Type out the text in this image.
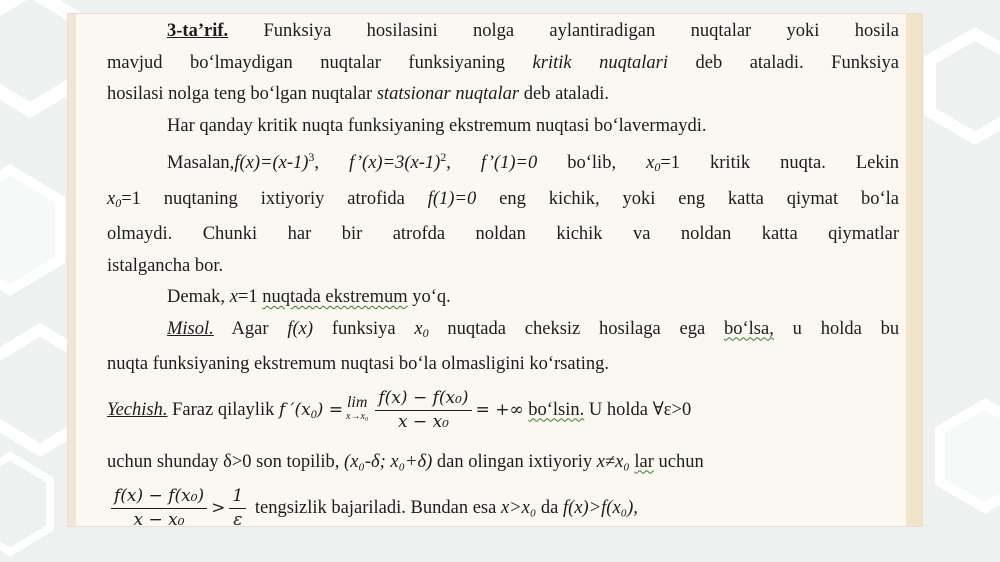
3-ta’rif. Funksiya hosilasini nolga aylantiradigan nuqtalar yoki hosila
mavjud bo‘lmaydigan nuqtalar funksiyaning kritik nuqtalari deb ataladi. Funksiya
hosilasi nolga teng bo‘lgan nuqtalar statsionar nuqtalar deb ataladi.
Har qanday kritik nuqta funksiyaning ekstremum nuqtasi bo‘lavermaydi.
$Masalan,f(x)=(x-1)^3$, $f’(x)=3(x-1)^2$, f’(1)=0 bo‘lib, $x_0=1$ kritik nuqta. Lekin
$x_0=1$ nuqtaning ixtiyoriy atrofida f(1)=0 eng kichik, yoki eng katta qiymat bo‘la
olmaydi. Chunki har bir atrofda noldan kichik va noldan katta qiymatlar
istalgancha bor.
Demak, x=1 nuqtada ekstremum yo‘q.
Misol. Agar f(x) funksiya $x_0$ nuqtada cheksiz hosilaga ega bo‘lsa, u holda bu
nuqta funksiyaning ekstremum nuqtasi bo‘la olmasligini ko‘rsating.
Yechish. Faraz qilaylik f $'(x_0) = \lim$
$x\to x_0 \frac{\text{f(x) − f(x₀)}}{\text{x − x₀}}$ = +∞ bo‘lsin. U holda ∀ε>0
uchun shunday δ>0 son topilib, (x₀-δ; x₀+δ) dan olingan ixtiyoriy x≠x₀ lar uchun
$\frac{\text{f(x) − f(x₀)}}{\text{x − x₀}} > \frac{1}{\varepsilon}$ tengsizlik bajariladi. Bundan esa x>x₀ da f(x)>f(x₀),
